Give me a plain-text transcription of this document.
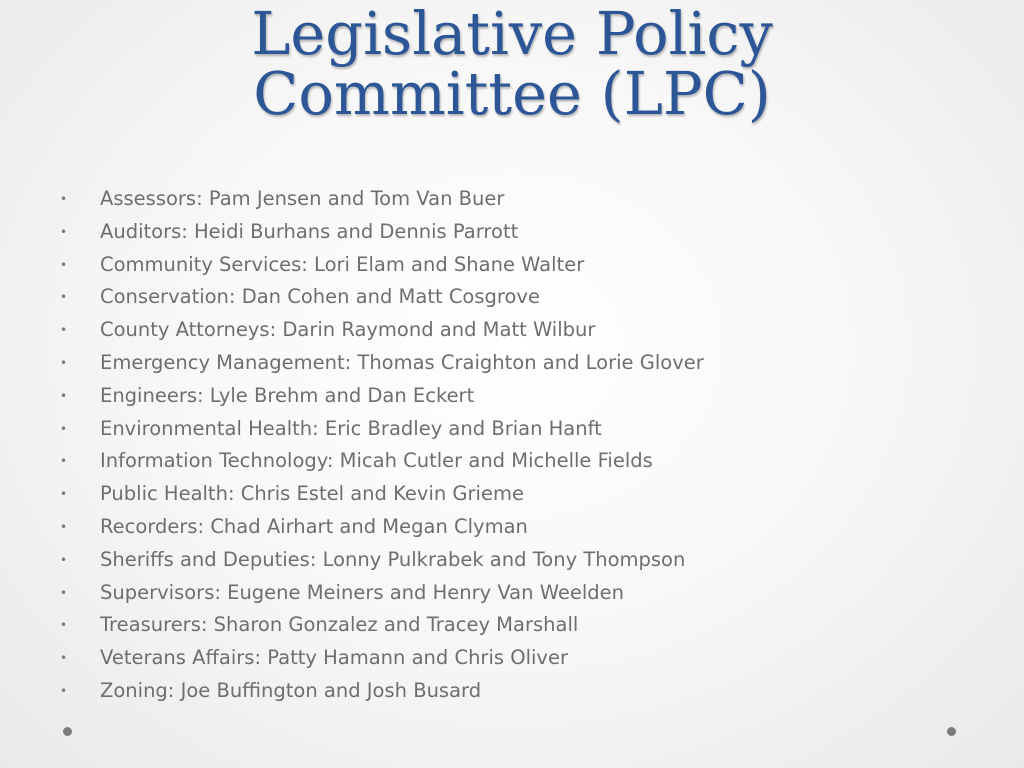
Legislative Policy
Committee (LPC)
• Assessors: Pam Jensen and Tom Van Buer
• Auditors: Heidi Burhans and Dennis Parrott
• Community Services: Lori Elam and Shane Walter
• Conservation: Dan Cohen and Matt Cosgrove
• County Attorneys: Darin Raymond and Matt Wilbur
• Emergency Management: Thomas Craighton and Lorie Glover
• Engineers: Lyle Brehm and Dan Eckert
• Environmental Health: Eric Bradley and Brian Hanft
• Information Technology: Micah Cutler and Michelle Fields
• Public Health: Chris Estel and Kevin Grieme
• Recorders: Chad Airhart and Megan Clyman
• Sheriffs and Deputies: Lonny Pulkrabek and Tony Thompson
• Supervisors: Eugene Meiners and Henry Van Weelden
• Treasurers: Sharon Gonzalez and Tracey Marshall
• Veterans Affairs: Patty Hamann and Chris Oliver
• Zoning: Joe Buffington and Josh Busard
